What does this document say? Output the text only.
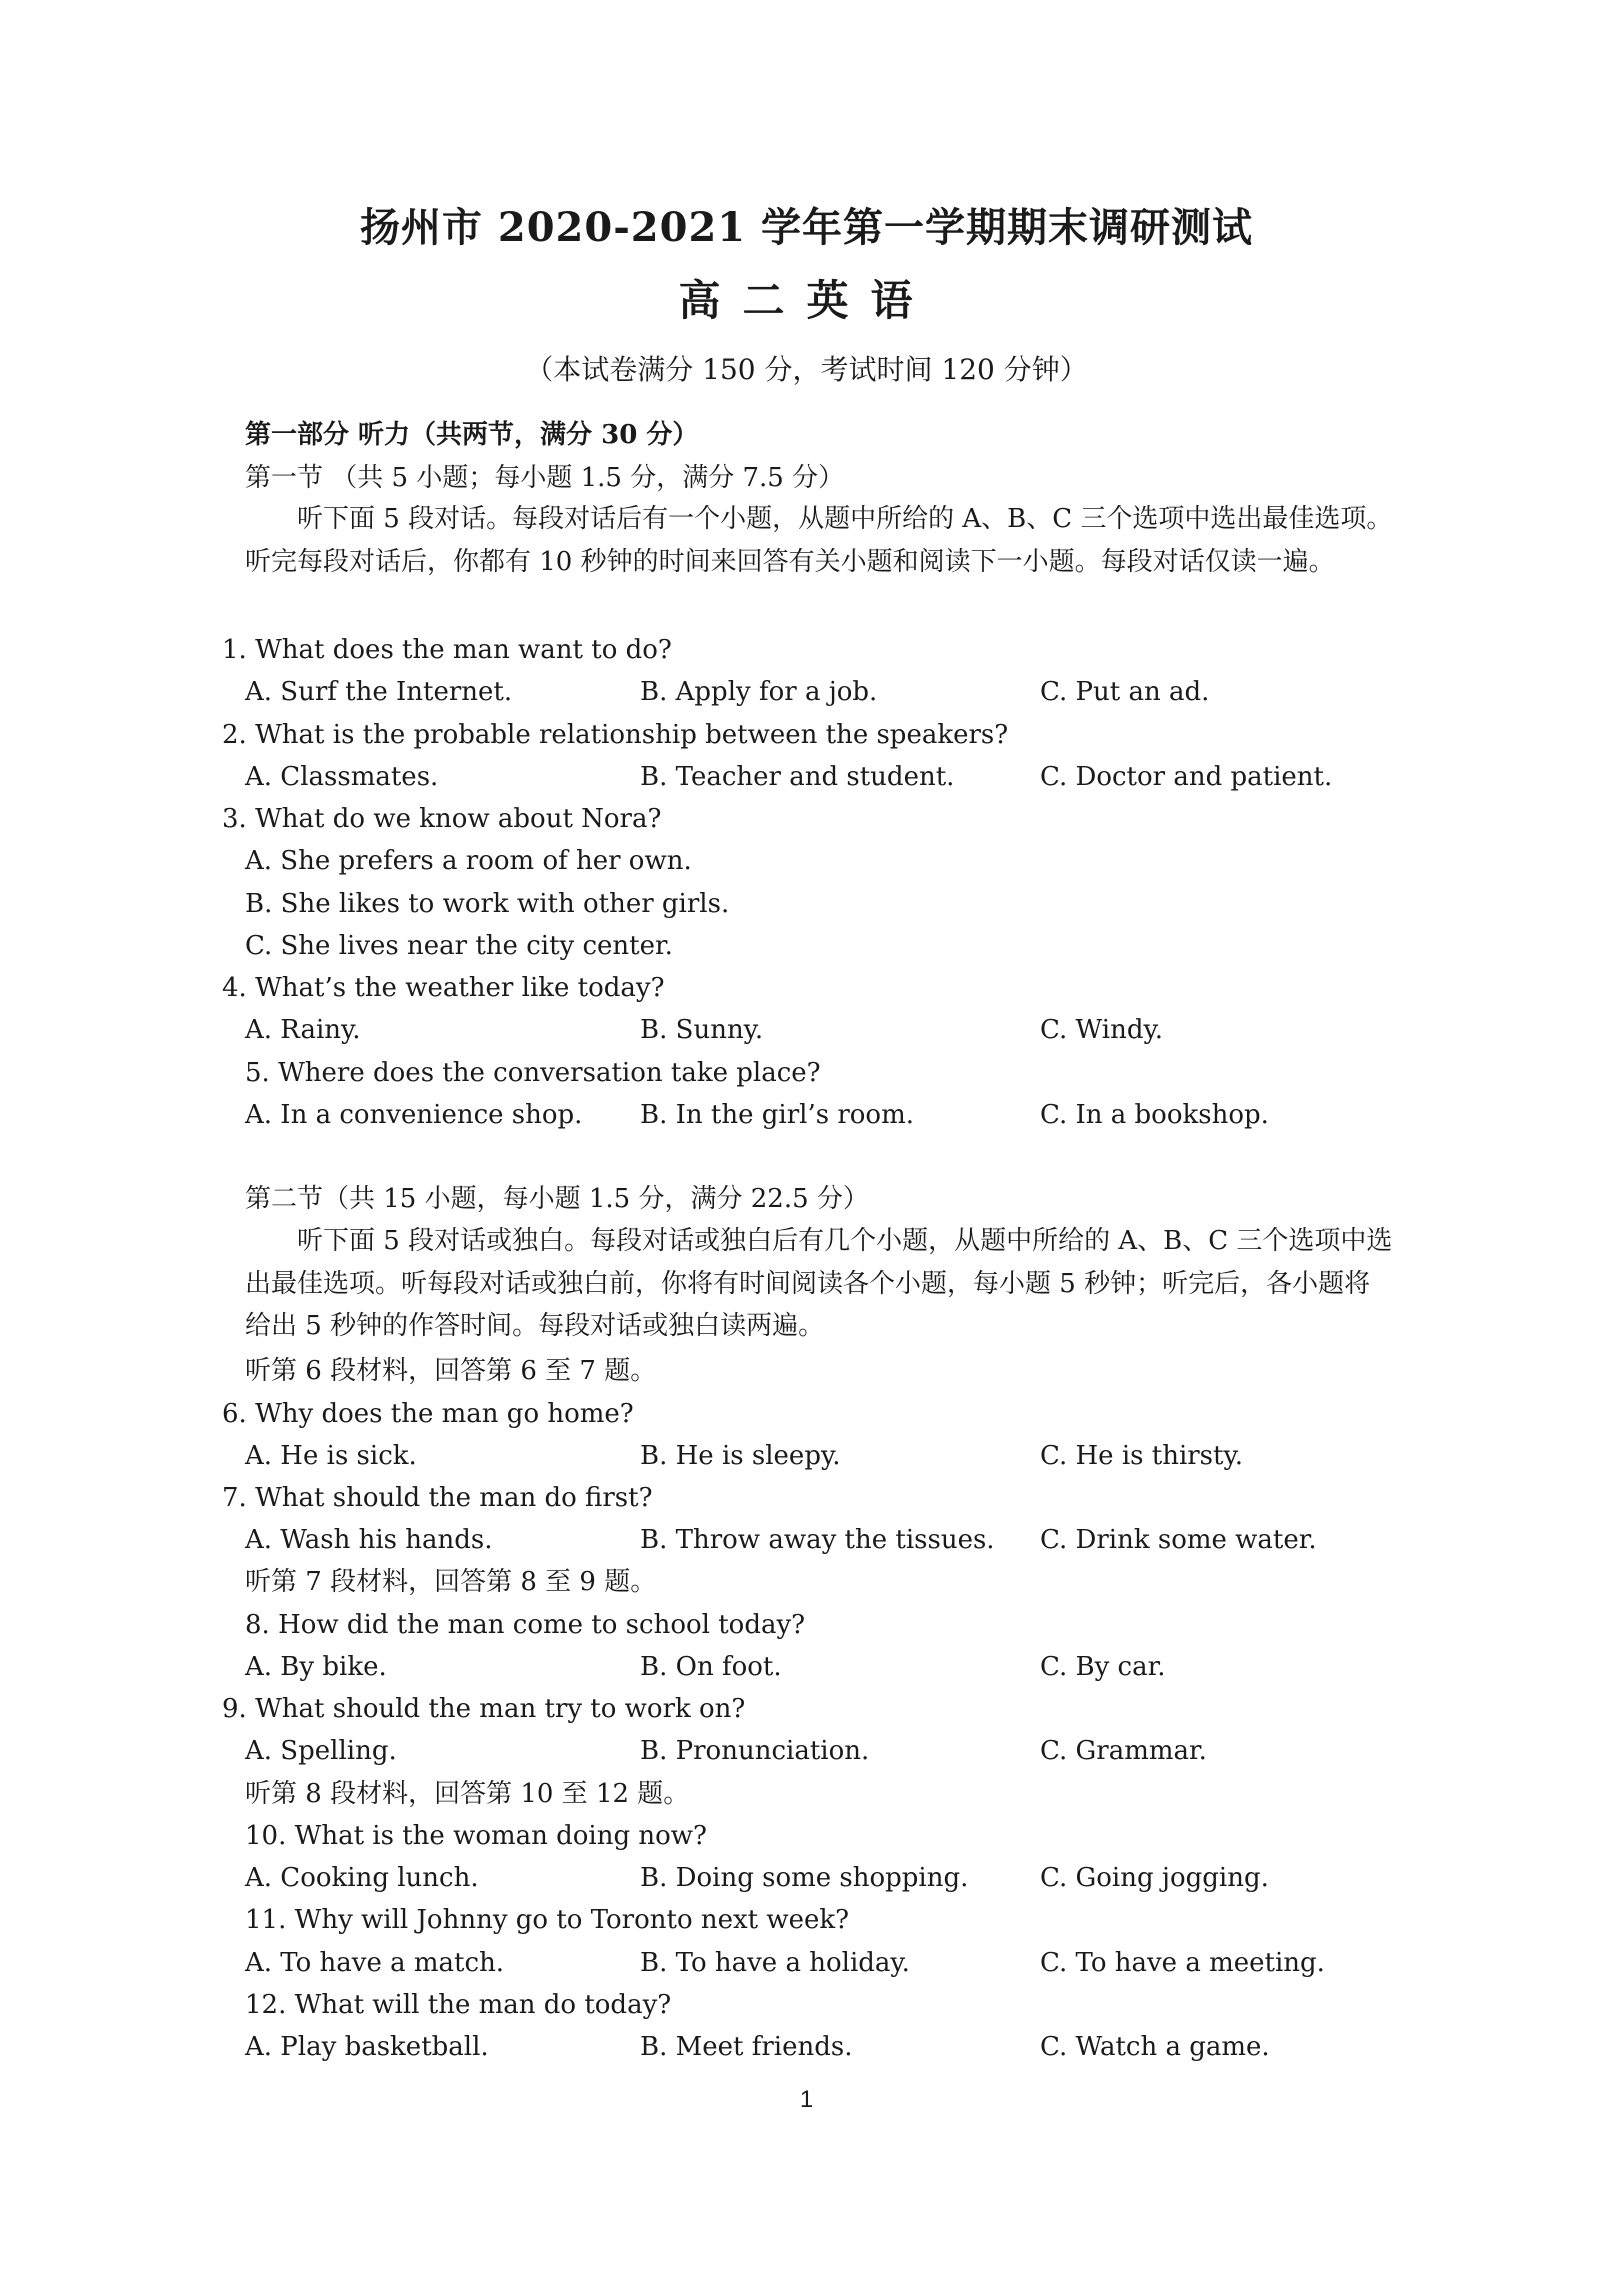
扬州市 2020-2021 学年第一学期期末调研测试
高二英语
（本试卷满分 150 分，考试时间 120 分钟）
第一部分 听力（共两节，满分 30 分）
第一节 （共 5 小题；每小题 1.5 分，满分 7.5 分）
听下面 5 段对话。每段对话后有一个小题，从题中所给的 A、B、C 三个选项中选出最佳选项。听完每段对话后，你都有 10 秒钟的时间来回答有关小题和阅读下一小题。每段对话仅读一遍。
1. What does the man want to do?
A. Surf the Internet.	B. Apply for a job.	C. Put an ad.
2. What is the probable relationship between the speakers?
A. Classmates.	B. Teacher and student.	C. Doctor and patient.
3. What do we know about Nora?
A. She prefers a room of her own.
B. She likes to work with other girls.
C. She lives near the city center.
4. What’s the weather like today?
A. Rainy.	B. Sunny.	C. Windy.
5. Where does the conversation take place?
A. In a convenience shop. B. In the girl’s room.	C. In a bookshop.
第二节（共 15 小题，每小题 1.5 分，满分 22.5 分）
听下面 5 段对话或独白。每段对话或独白后有几个小题，从题中所给的 A、B、C 三个选项中选出最佳选项。听每段对话或独白前，你将有时间阅读各个小题，每小题 5 秒钟；听完后，各小题将给出 5 秒钟的作答时间。每段对话或独白读两遍。
听第 6 段材料，回答第 6 至 7 题。
6. Why does the man go home?
A. He is sick.	B. He is sleepy.	C. He is thirsty.
7. What should the man do first?
A. Wash his hands.	B. Throw away the tissues. C. Drink some water.
听第 7 段材料，回答第 8 至 9 题。
8. How did the man come to school today?
A. By bike.	B. On foot.	C. By car.
9. What should the man try to work on?
A. Spelling.	B. Pronunciation.	C. Grammar.
听第 8 段材料，回答第 10 至 12 题。
10. What is the woman doing now?
A. Cooking lunch.	B. Doing some shopping.	C. Going jogging.
11. Why will Johnny go to Toronto next week?
A. To have a match.	B. To have a holiday.	C. To have a meeting.
12. What will the man do today?
A. Play basketball.	B. Meet friends.	C. Watch a game.
1
